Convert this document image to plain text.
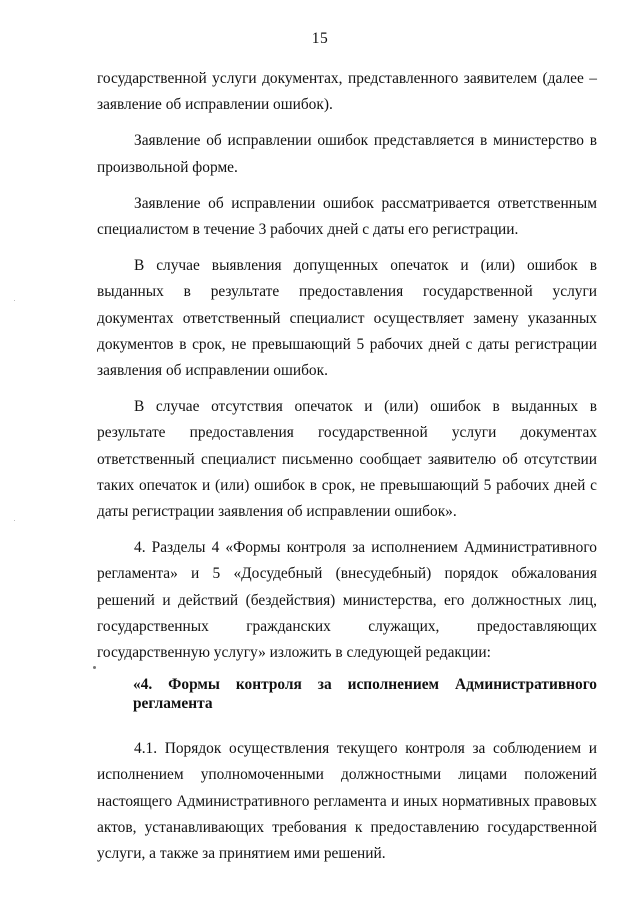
15

государственной услуги документах, представленного заявителем (далее – заявление об исправлении ошибок).

Заявление об исправлении ошибок представляется в министерство в произвольной форме.

Заявление об исправлении ошибок рассматривается ответственным специалистом в течение 3 рабочих дней с даты его регистрации.

В случае выявления допущенных опечаток и (или) ошибок в выданных в результате предоставления государственной услуги документах ответственный специалист осуществляет замену указанных документов в срок, не превышающий 5 рабочих дней с даты регистрации заявления об исправлении ошибок.

В случае отсутствия опечаток и (или) ошибок в выданных в результате предоставления государственной услуги документах ответственный специалист письменно сообщает заявителю об отсутствии таких опечаток и (или) ошибок в срок, не превышающий 5 рабочих дней с даты регистрации заявления об исправлении ошибок».

4. Разделы 4 «Формы контроля за исполнением Административного регламента» и 5 «Досудебный (внесудебный) порядок обжалования решений и действий (бездействия) министерства, его должностных лиц, государственных гражданских служащих, предоставляющих государственную услугу» изложить в следующей редакции:

«4. Формы контроля за исполнением Административного регламента

4.1. Порядок осуществления текущего контроля за соблюдением и исполнением уполномоченными должностными лицами положений настоящего Административного регламента и иных нормативных правовых актов, устанавливающих требования к предоставлению государственной услуги, а также за принятием ими решений.
